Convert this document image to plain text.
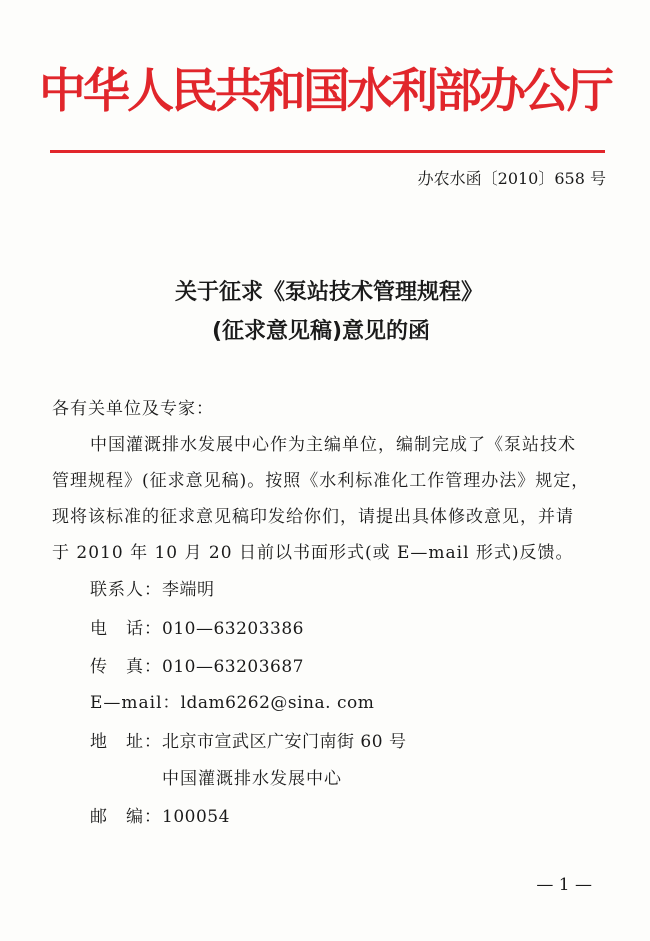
中华人民共和国水利部办公厅
办农水函〔2010〕658 号
关于征求《泵站技术管理规程》
(征求意见稿)意见的函
各有关单位及专家：
中国灌溉排水发展中心作为主编单位，编制完成了《泵站技术
管理规程》(征求意见稿)。按照《水利标准化工作管理办法》规定，
现将该标准的征求意见稿印发给你们，请提出具体修改意见，并请
于 2010 年 10 月 20 日前以书面形式(或 E—mail 形式)反馈。
联系人：李端明
电　话：010—63203386
传　真：010—63203687
E—mail：ldam6262@sina. com
地　址：北京市宣武区广安门南街 60 号
中国灌溉排水发展中心
邮　编：100054
— 1 —
